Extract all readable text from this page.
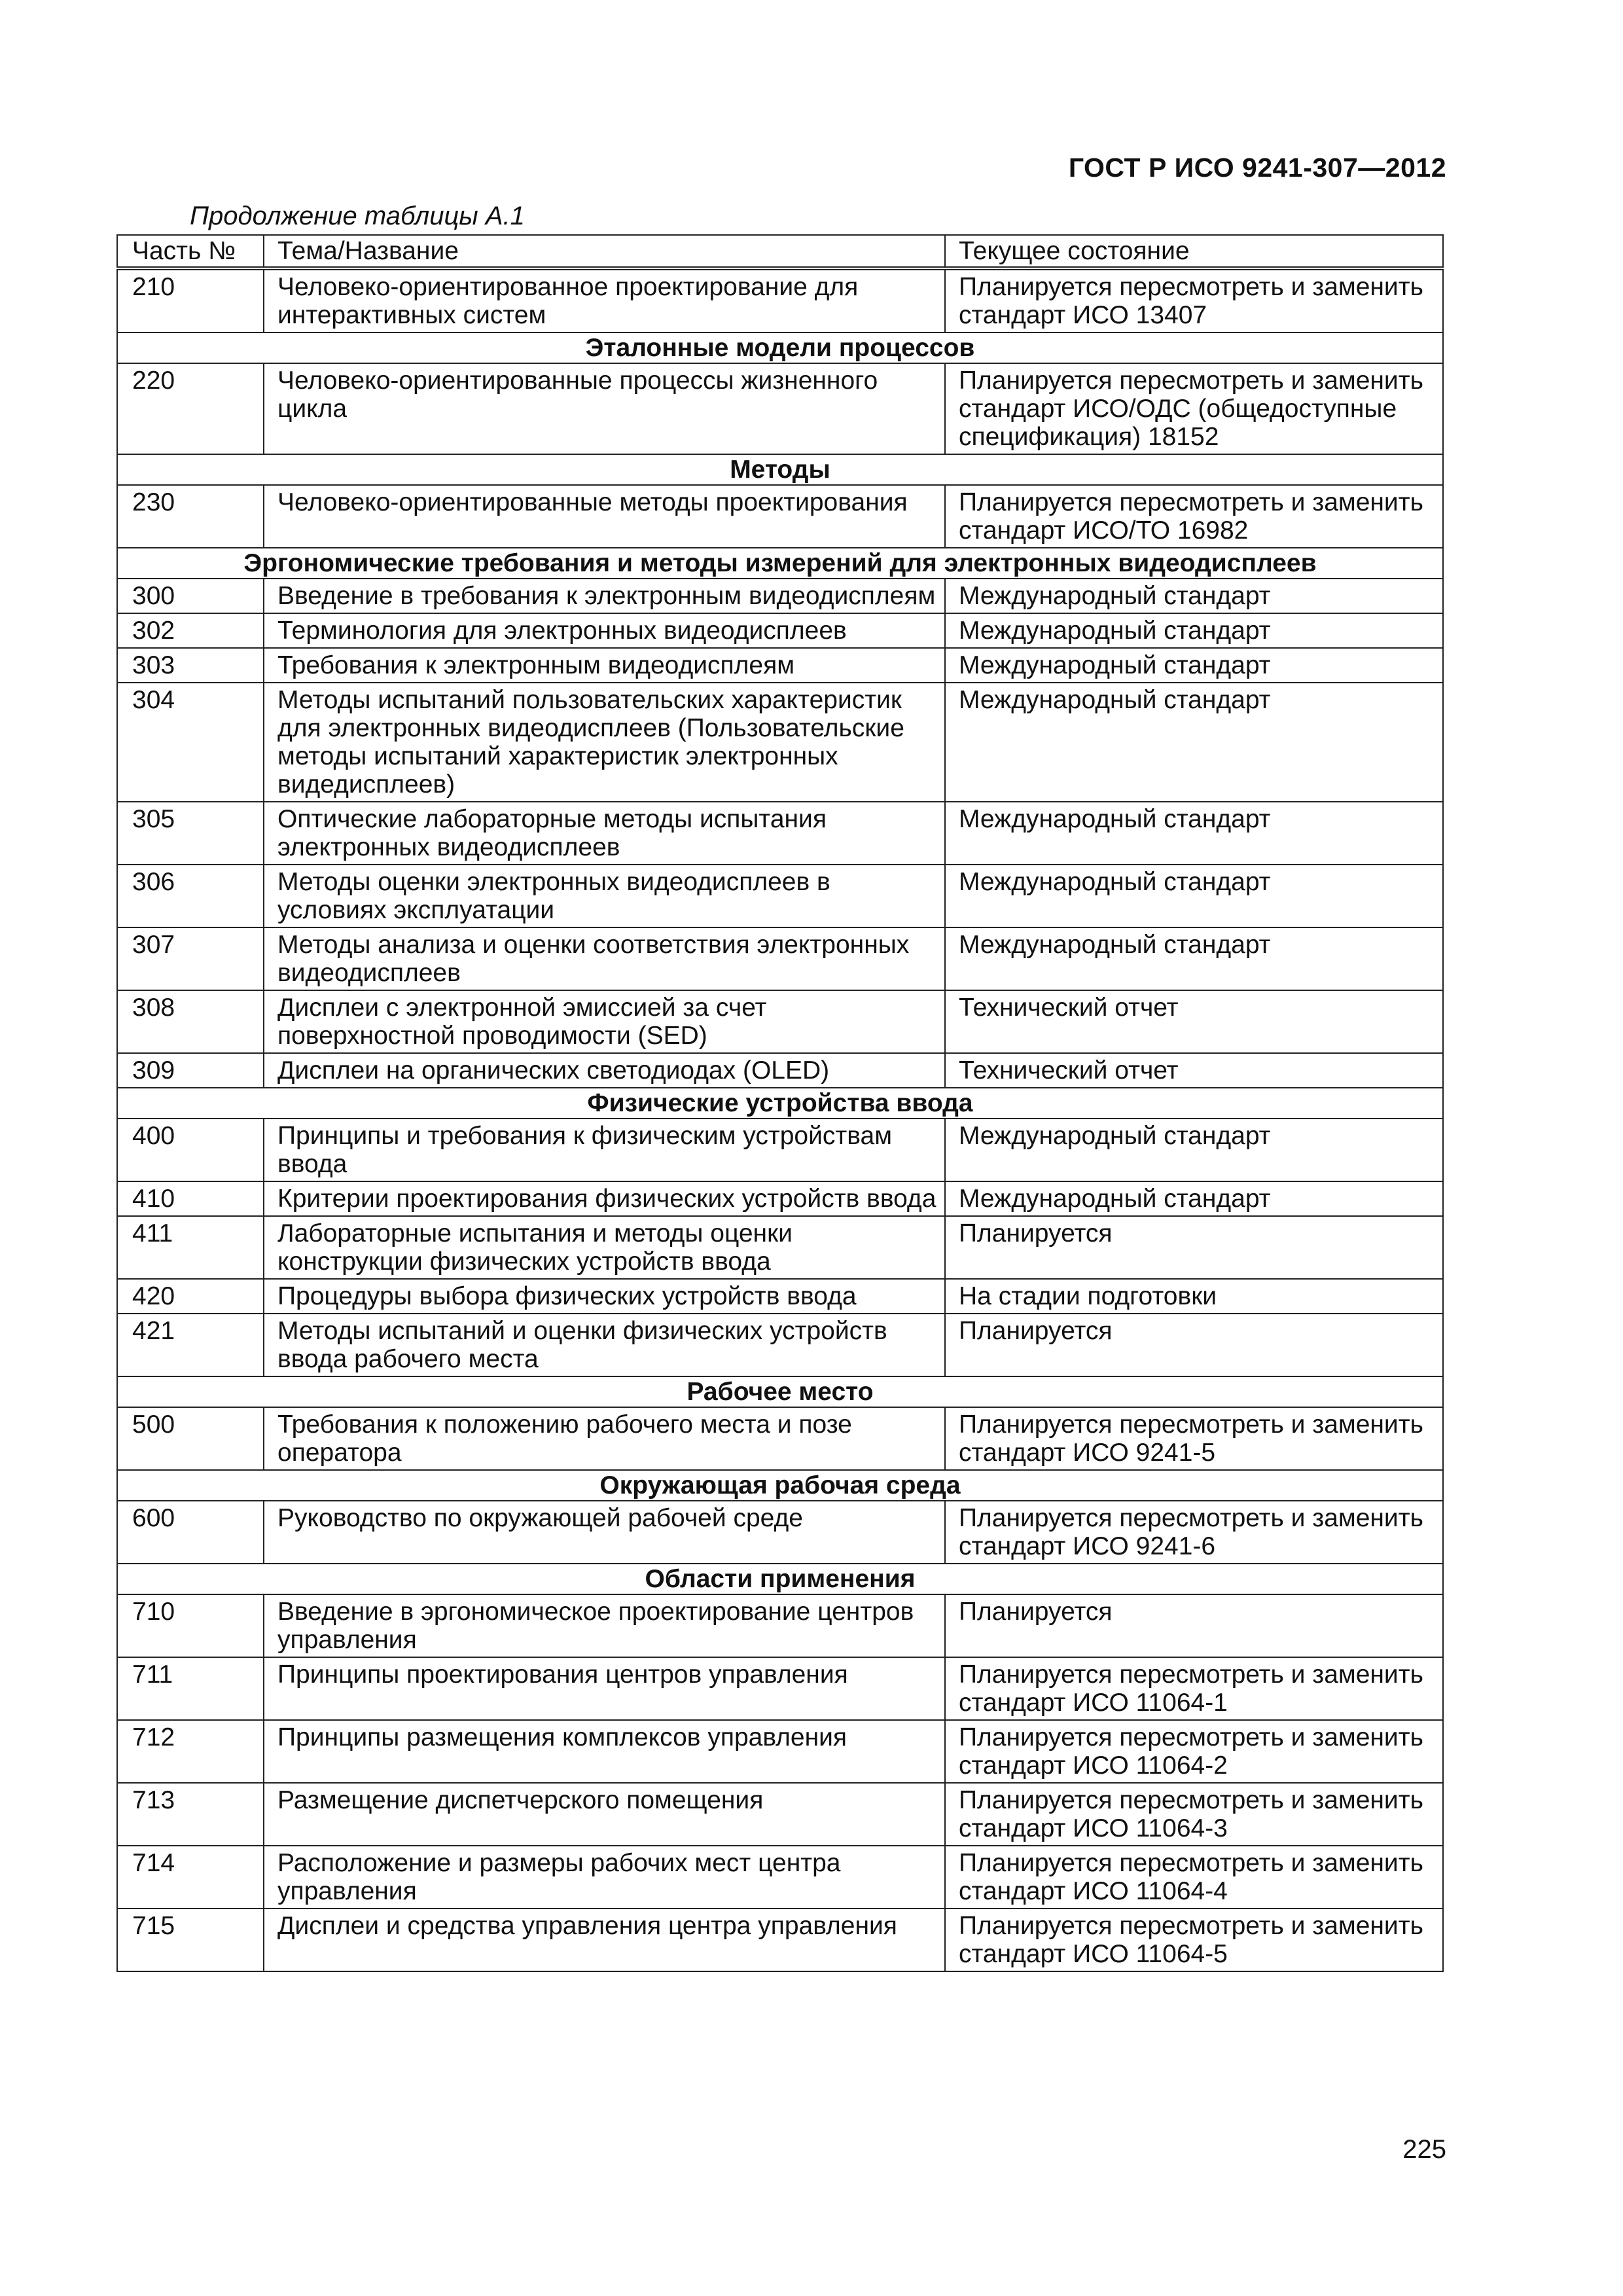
ГОСТ Р ИСО 9241-307—2012
Продолжение таблицы А.1
Часть №	Тема/Название	Текущее состояние
210	Человеко-ориентированное проектирование для интерактивных систем	Планируется пересмотреть и заменить стандарт ИСО 13407
Эталонные модели процессов		
220	Человеко-ориентированные процессы жизненного цикла	Планируется пересмотреть и заменить стандарт ИСО/ОДС (общедоступные спецификация) 18152
Методы		
230	Человеко-ориентированные методы проектирования	Планируется пересмотреть и заменить стандарт ИСО/ТО 16982
Эргономические требования и методы измерений для электронных видеодисплеев		
300	Введение в требования к электронным видеодисплеям	Международный стандарт
302	Терминология для электронных видеодисплеев	Международный стандарт
303	Требования к электронным видеодисплеям	Международный стандарт
304	Методы испытаний пользовательских характеристик для электронных видеодисплеев (Пользовательские методы испытаний характеристик электронных видедисплеев)	Международный стандарт
305	Оптические лабораторные методы испытания электронных видеодисплеев	Международный стандарт
306	Методы оценки электронных видеодисплеев в условиях эксплуатации	Международный стандарт
307	Методы анализа и оценки соответствия электронных видеодисплеев	Международный стандарт
308	Дисплеи с электронной эмиссией за счет поверхностной проводимости (SED)	Технический отчет
309	Дисплеи на органических светодиодах (OLED)	Технический отчет
Физические устройства ввода		
400	Принципы и требования к физическим устройствам ввода	Международный стандарт
410	Критерии проектирования физических устройств ввода	Международный стандарт
411	Лабораторные испытания и методы оценки конструкции физических устройств ввода	Планируется
420	Процедуры выбора физических устройств ввода	На стадии подготовки
421	Методы испытаний и оценки физических устройств ввода рабочего места	Планируется
Рабочее место		
500	Требования к положению рабочего места и позе оператора	Планируется пересмотреть и заменить стандарт ИСО 9241-5
Окружающая рабочая среда		
600	Руководство по окружающей рабочей среде	Планируется пересмотреть и заменить стандарт ИСО 9241-6
Области применения		
710	Введение в эргономическое проектирование центров управления	Планируется
711	Принципы проектирования центров управления	Планируется пересмотреть и заменить стандарт ИСО 11064-1
712	Принципы размещения комплексов управления	Планируется пересмотреть и заменить стандарт ИСО 11064-2
713	Размещение диспетчерского помещения	Планируется пересмотреть и заменить стандарт ИСО 11064-3
714	Расположение и размеры рабочих мест центра управления	Планируется пересмотреть и заменить стандарт ИСО 11064-4
715	Дисплеи и средства управления центра управления	Планируется пересмотреть и заменить стандарт ИСО 11064-5
225
